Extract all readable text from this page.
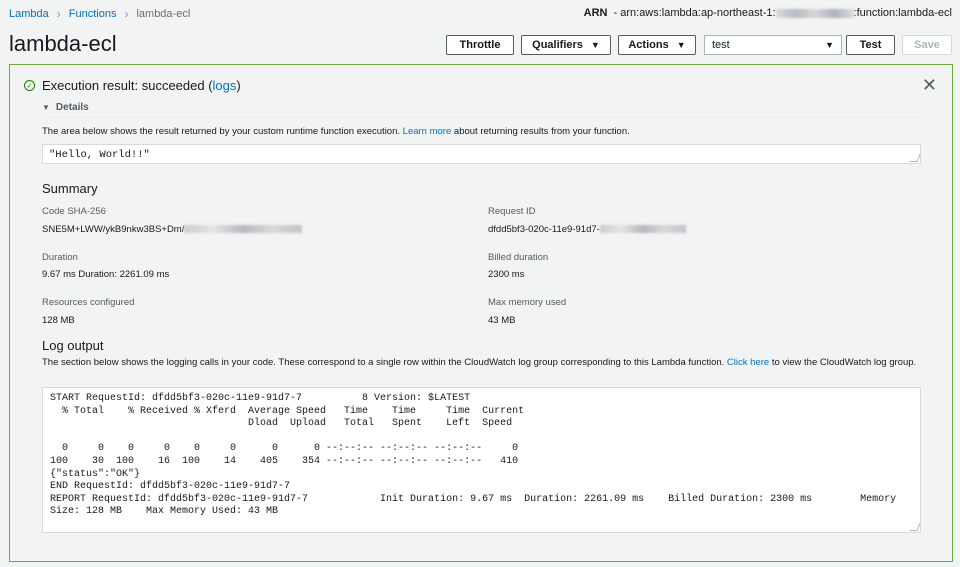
Lambda › Functions › lambda-ecl	ARN - arn:aws:lambda:ap-northeast-1:	:function:lambda-ecl
lambda-ecl	Throttle	Qualifiers ▼	Actions ▼ test	▼ Test	Save
✓ Execution result: succeeded (logs)	✕
▼ Details
The area below shows the result returned by your custom runtime function execution. Learn more about returning results from your function.
"Hello, World!!"
Summary
Code SHA-256
SNE5M+LWW/ykB9nkw3BS+Dm/
Request ID
dfdd5bf3-020c-11e9-91d7-
Duration
9.67 ms Duration: 2261.09 ms
Billed duration
2300 ms
Resources configured
128 MB
Max memory used
43 MB
Log output
The section below shows the logging calls in your code. These correspond to a single row within the CloudWatch log group corresponding to this Lambda function. Click here to view the CloudWatch log group.
START RequestId: dfdd5bf3-020c-11e9-91d7-7          8 Version: $LATEST
% Total    % Received % Xferd  Average Speed   Time    Time     Time  Current
Dload  Upload   Total   Spent    Left  Speed

0     0    0     0    0     0      0      0 --:--:-- --:--:-- --:--:--     0
100    30  100    16  100    14    405    354 --:--:-- --:--:-- --:--:--   410
{"status":"OK"}
END RequestId: dfdd5bf3-020c-11e9-91d7-7
REPORT RequestId: dfdd5bf3-020c-11e9-91d7-7            Init Duration: 9.67 ms  Duration: 2261.09 ms    Billed Duration: 2300 ms        Memory
Size: 128 MB    Max Memory Used: 43 MB
